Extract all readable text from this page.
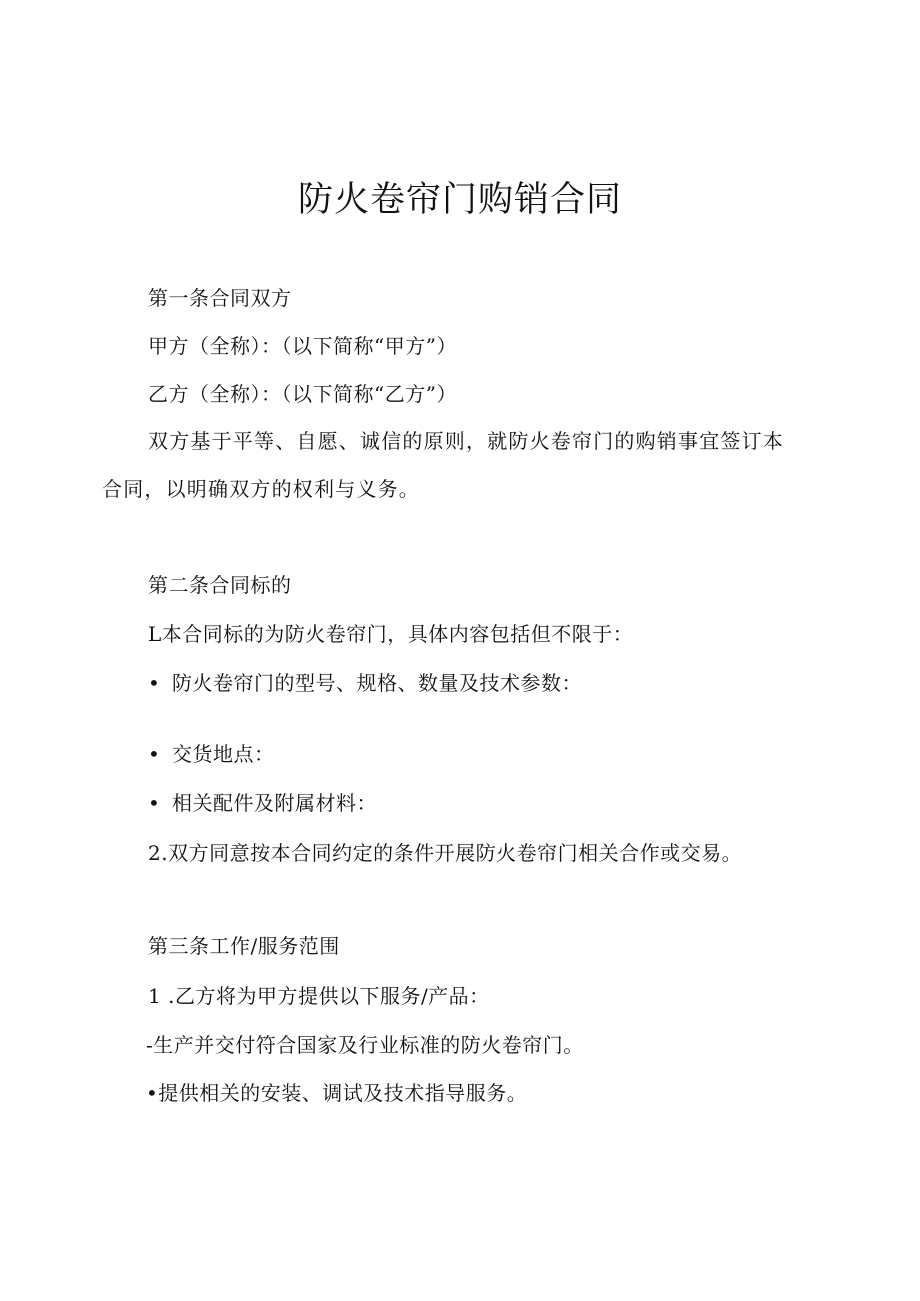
防火卷帘门购销合同
第一条合同双方
甲方（全称）：（以下简称“甲方”）
乙方（全称）：（以下简称“乙方”）
双方基于平等、自愿、诚信的原则，就防火卷帘门的购销事宜签订本合同，以明确双方的权利与义务。
第二条合同标的
L本合同标的为防火卷帘门，具体内容包括但不限于：
• 防火卷帘门的型号、规格、数量及技术参数：
• 交货地点：
• 相关配件及附属材料：
2.双方同意按本合同约定的条件开展防火卷帘门相关合作或交易。
第三条工作/服务范围
1 .乙方将为甲方提供以下服务/产品：
-生产并交付符合国家及行业标准的防火卷帘门。
•提供相关的安装、调试及技术指导服务。
